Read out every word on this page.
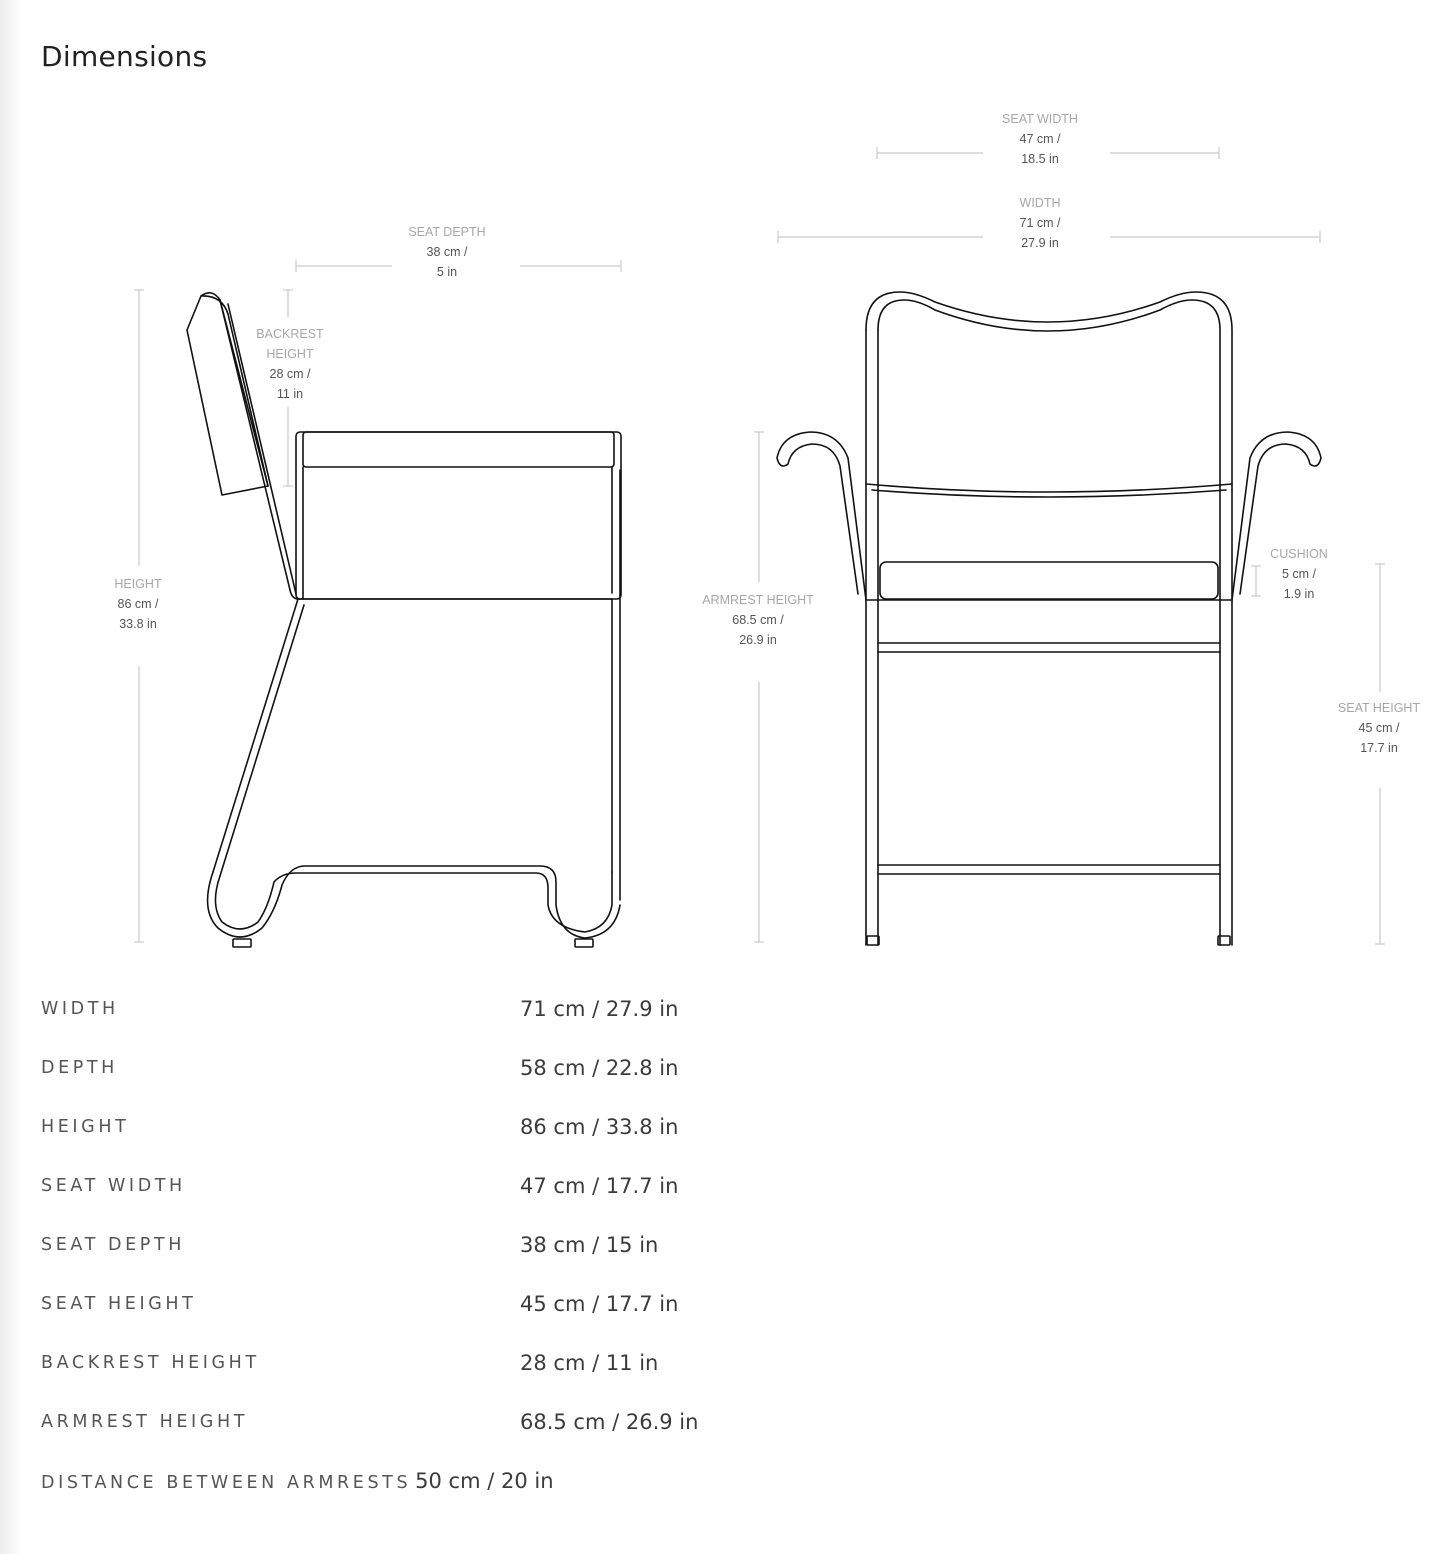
Dimensions
SEAT DEPTH
38 cm /
5 in
BACKREST
HEIGHT
28 cm /
11 in
HEIGHT
86 cm /
33.8 in
SEAT WIDTH
47 cm /
18.5 in
WIDTH
71 cm /
27.9 in
ARMREST HEIGHT
68.5 cm /
26.9 in
CUSHION
5 cm /
1.9 in
SEAT HEIGHT
45 cm /
17.7 in
WIDTH	71 cm / 27.9 in
DEPTH	58 cm / 22.8 in
HEIGHT	86 cm / 33.8 in
SEAT WIDTH	47 cm / 17.7 in
SEAT DEPTH	38 cm / 15 in
SEAT HEIGHT	45 cm / 17.7 in
BACKREST HEIGHT	28 cm / 11 in
ARMREST HEIGHT	68.5 cm / 26.9 in
DISTANCE BETWEEN ARMRESTS 50 cm / 20 in
